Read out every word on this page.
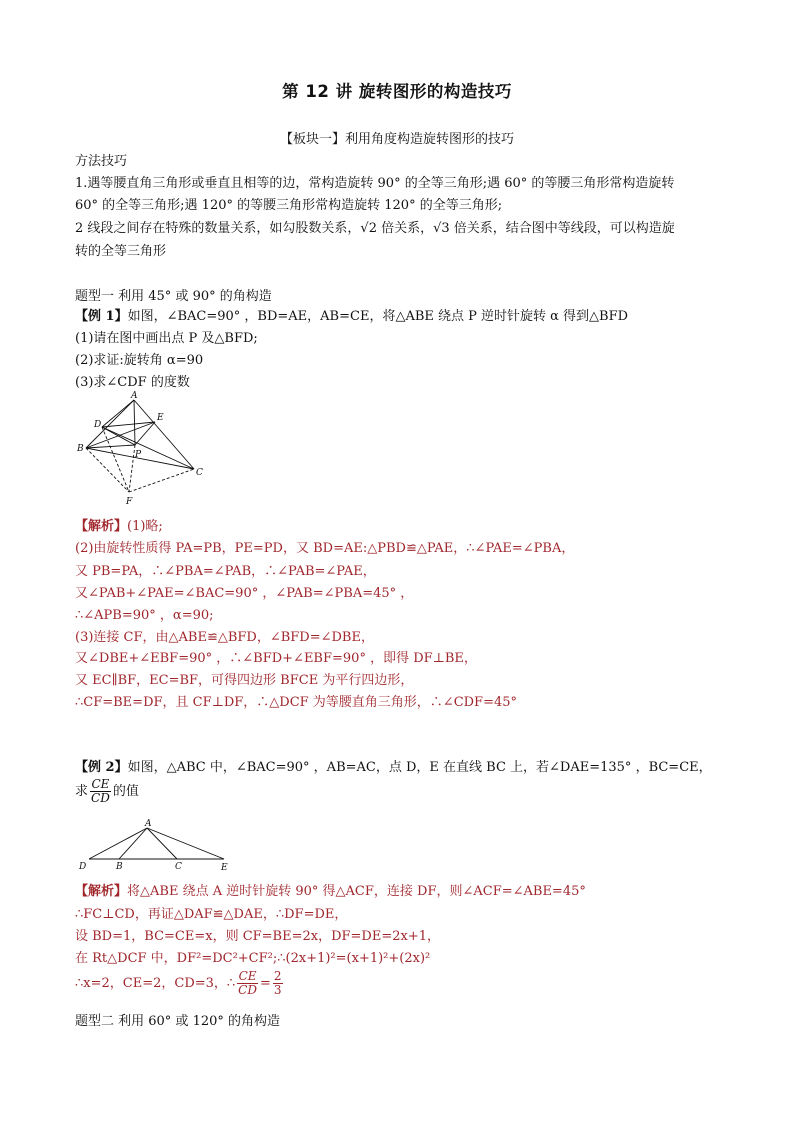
第 12 讲 旋转图形的构造技巧
【板块一】利用角度构造旋转图形的技巧
方法技巧
1.遇等腰直角三角形或垂直且相等的边，常构造旋转 90° 的全等三角形;遇 60° 的等腰三角形常构造旋转
60° 的全等三角形;遇 120° 的等腰三角形常构造旋转 120° 的全等三角形;
2 线段之间存在特殊的数量关系，如勾股数关系，√2 倍关系，√3 倍关系，结合图中等线段，可以构造旋
转的全等三角形
题型一 利用 45° 或 90° 的角构造
【例 1】如图，∠BAC=90° ，BD=AE，AB=CE，将△ABE 绕点 P 逆时针旋转 α 得到△BFD
(1)请在图中画出点 P 及△BFD;
(2)求证:旋转角 α=90
(3)求∠CDF 的度数
A
B
C
D
E
P
F
【解析】(1)略;
(2)由旋转性质得 PA=PB，PE=PD，又 BD=AE:△PBD≌△PAE，∴∠PAE=∠PBA，
又 PB=PA，∴∠PBA=∠PAB，∴∠PAB=∠PAE，
又∠PAB+∠PAE=∠BAC=90° ，∠PAB=∠PBA=45° ，
∴∠APB=90° ，α=90;
(3)连接 CF，由△ABE≌△BFD，∠BFD=∠DBE，
又∠DBE+∠EBF=90° ，∴∠BFD+∠EBF=90° ，即得 DF⊥BE，
又 EC∥BF，EC=BF，可得四边形 BFCE 为平行四边形，
∴CF=BE=DF，且 CF⊥DF，∴△DCF 为等腰直角三角形，∴∠CDF=45°
【例 2】如图，△ABC 中，∠BAC=90° ，AB=AC，点 D，E 在直线 BC 上，若∠DAE=135° ，BC=CE，
求 $\frac{CE}{CD}$ 的值
A
D	B	C	E
【解析】将△ABE 绕点 A 逆时针旋转 90° 得△ACF，连接 DF，则∠ACF=∠ABE=45°
∴FC⊥CD，再证△DAF≌△DAE，∴DF=DE，
设 BD=1，BC=CE=x，则 CF=BE=2x，DF=DE=2x+1，
在 Rt△DCF 中，DF²=DC²+CF²;∴(2x+1)²=(x+1)²+(2x)²
∴x=2，CE=2，CD=3，∴ $\frac{CE}{CD} = \frac{2}{3}$
题型二 利用 60° 或 120° 的角构造
